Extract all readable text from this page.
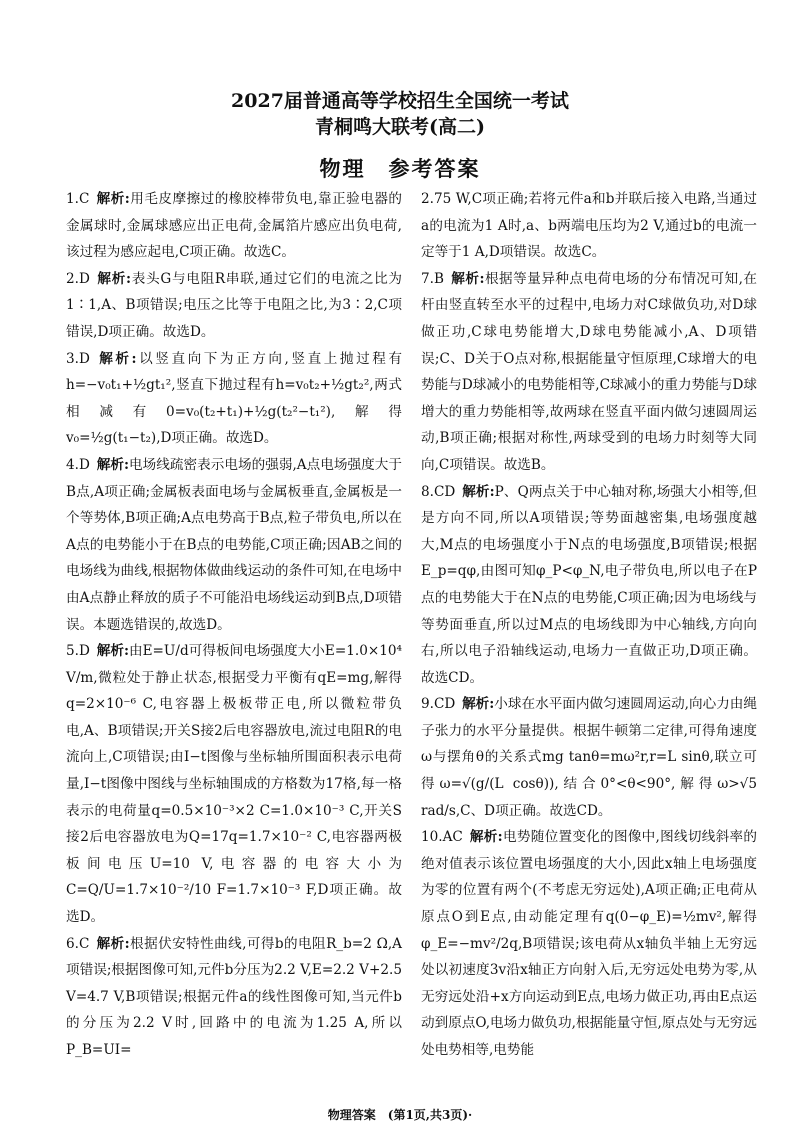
2027届普通高等学校招生全国统一考试
青桐鸣大联考(高二)
物理　参考答案
1.C  解析:用毛皮摩擦过的橡胶棒带负电,靠正验电器的金属球时,金属球感应出正电荷,金属箔片感应出负电荷,该过程为感应起电,C项正确。故选C。
2.D  解析:表头G与电阻R串联,通过它们的电流之比为1∶1,A、B项错误;电压之比等于电阻之比,为3∶2,C项错误,D项正确。故选D。
3.D  解析:以竖直向下为正方向,竖直上抛过程有h=−v₀t₁+½gt₁²,竖直下抛过程有h=v₀t₂+½gt₂²,两式相减有0=v₀(t₂+t₁)+½g(t₂²−t₁²),解得v₀=½g(t₁−t₂),D项正确。故选D。
4.D  解析:电场线疏密表示电场的强弱,A点电场强度大于B点,A项正确;金属板表面电场与金属板垂直,金属板是一个等势体,B项正确;A点电势高于B点,粒子带负电,所以在A点的电势能小于在B点的电势能,C项正确;因AB之间的电场线为曲线,根据物体做曲线运动的条件可知,在电场中由A点静止释放的质子不可能沿电场线运动到B点,D项错误。本题选错误的,故选D。
5.D  解析:由E=U/d可得板间电场强度大小E=1.0×10⁴ V/m,微粒处于静止状态,根据受力平衡有qE=mg,解得q=2×10⁻⁶ C,电容器上极板带正电,所以微粒带负电,A、B项错误;开关S接2后电容器放电,流过电阻R的电流向上,C项错误;由I−t图像与坐标轴所围面积表示电荷量,I−t图像中图线与坐标轴围成的方格数为17格,每一格表示的电荷量q=0.5×10⁻³×2 C=1.0×10⁻³ C,开关S接2后电容器放电为Q=17q=1.7×10⁻² C,电容器两极板间电压U=10 V,电容器的电容大小为C=Q/U=1.7×10⁻²/10 F=1.7×10⁻³ F,D项正确。故选D。
6.C  解析:根据伏安特性曲线,可得b的电阻R_b=2 Ω,A项错误;根据图像可知,元件b分压为2.2 V,E=2.2 V+2.5 V=4.7 V,B项错误;根据元件a的线性图像可知,当元件b的分压为2.2 V时,回路中的电流为1.25 A,所以P_B=UI=
2.75 W,C项正确;若将元件a和b并联后接入电路,当通过a的电流为1 A时,a、b两端电压均为2 V,通过b的电流一定等于1 A,D项错误。故选C。
7.B  解析:根据等量异种点电荷电场的分布情况可知,在杆由竖直转至水平的过程中,电场力对C球做负功,对D球做正功,C球电势能增大,D球电势能减小,A、D项错误;C、D关于O点对称,根据能量守恒原理,C球增大的电势能与D球减小的电势能相等,C球减小的重力势能与D球增大的重力势能相等,故两球在竖直平面内做匀速圆周运动,B项正确;根据对称性,两球受到的电场力时刻等大同向,C项错误。故选B。
8.CD  解析:P、Q两点关于中心轴对称,场强大小相等,但是方向不同,所以A项错误;等势面越密集,电场强度越大,M点的电场强度小于N点的电场强度,B项错误;根据E_p=qφ,由图可知φ_P<φ_N,电子带负电,所以电子在P点的电势能大于在N点的电势能,C项正确;因为电场线与等势面垂直,所以过M点的电场线即为中心轴线,方向向右,所以电子沿轴线运动,电场力一直做正功,D项正确。故选CD。
9.CD  解析:小球在水平面内做匀速圆周运动,向心力由绳子张力的水平分量提供。根据牛顿第二定律,可得角速度ω与摆角θ的关系式mg tanθ=mω²r,r=L sinθ,联立可得ω=√(g/(L cosθ)),结合0°<θ<90°,解得ω>√5 rad/s,C、D项正确。故选CD。
10.AC  解析:电势随位置变化的图像中,图线切线斜率的绝对值表示该位置电场强度的大小,因此x轴上电场强度为零的位置有两个(不考虑无穷远处),A项正确;正电荷从原点O到E点,由动能定理有q(0−φ_E)=½mv²,解得φ_E=−mv²/2q,B项错误;该电荷从x轴负半轴上无穷远处以初速度3v沿x轴正方向射入后,无穷远处电势为零,从无穷远处沿+x方向运动到E点,电场力做正功,再由E点运动到原点O,电场力做负功,根据能量守恒,原点处与无穷远处电势相等,电势能
物理答案　(第1页,共3页)·
